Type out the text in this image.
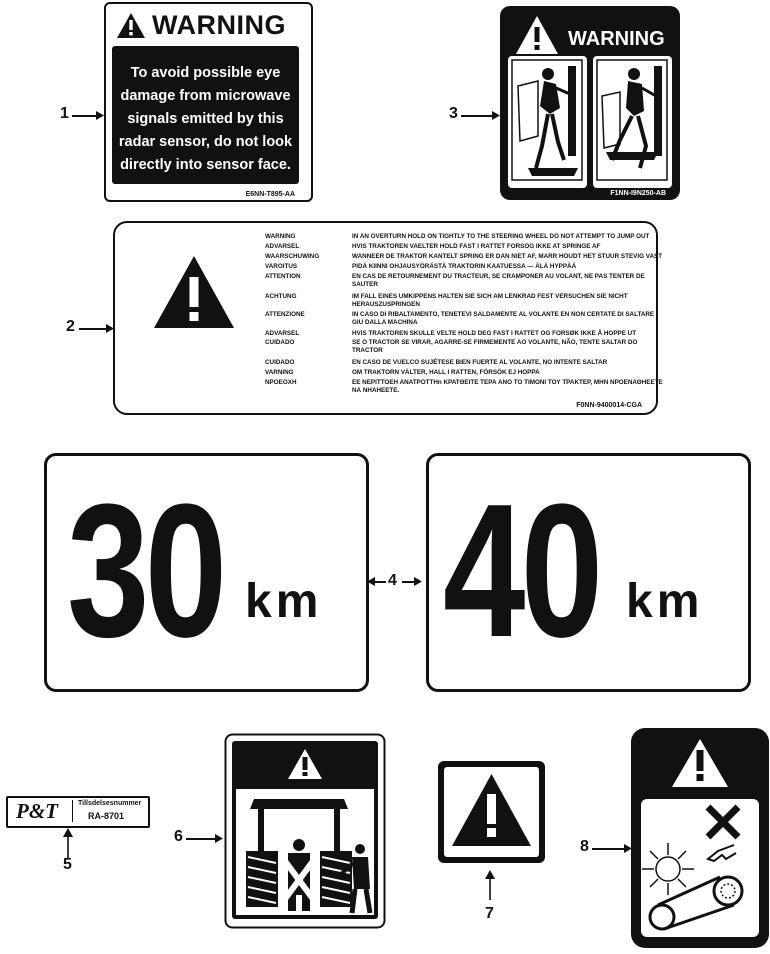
WARNING
To avoid possible eye
damage from microwave
signals emitted by this
radar sensor, do not look
directly into sensor face.
E6NN-T895-AA
1
WARNING
F1NN-I9N250-AB
3
WARNING	IN AN OVERTURN HOLD ON TIGHTLY TO THE STEERING WHEEL DO NOT ATTEMPT TO JUMP OUT
ADVARSEL	HVIS TRAKTOREN VAELTER HOLD FAST I RATTET FORSOG IKKE AT SPRINGE AF
WAARSCHUWING	WANNEER DE TRAKTOR KANTELT SPRING ER DAN NIET AF, MARR HOUDT HET STUUR STEVIG VAST
VAROITUS	PIDÄ KIINNI OHJAUSYÖRÄSTÄ TRAKTORIN KAATUESSA — ÄLÄ HYPPÄÄ
ATTENTION	EN CAS DE RETOURNEMENT DU TRACTEUR, SE CRAMPONER AU VOLANT, NE PAS TENTER DE
SAUTER
ACHTUNG	IM FALL EINES UMKIPPENS HALTEN SIE SICH AM LENKRAD FEST VERSUCHEN SIE NICHT
HERAUSZUSPRINGEN
ATTENZIONE	IN CASO DI RIBALTAMENTO, TENETEVI SALDAMENTE AL VOLANTE EN NON CERTATE DI SALTARE
GIU DALLA MACHINA
ADVARSEL	HVIS TRAKTOREN SKULLE VELTE HOLD DEG FAST I RATTET OG FORSØK IKKE Å HOPPE UT
CUIDADO	SE O TRACTOR SE VIRAR, AGARRE-SE FIRMEMENTE AO VOLANTE, NÃO, TENTE SALTAR DO
TRACTOR
CUIDADO	EN CASO DE VUELCO SUJÉTESE BIEN FUERTE AL VOLANTE, NO INTENTE SALTAR
VARNING	OM TRAKTORN VÄLTER, HALL I RATTEN, FÖRSÖK EJ HOPPA
ΝΡΟΕΟΧΗ	ΕΕ ΝΕΡΙΤΤΟΕΗ ΑΝΑΤΡΟΤΤΗn ΚΡΑΤΘΕΙΤΕ ΤΕΡΑ ΑΝΟ ΤΟ ΤΙΜΟΝΙ ΤΟΥ ΤΡΑΚΤΕΡ, ΜΗΝ ΝΡΟΕΝΑΘΗΕΕΤΕ
ΝΑ ΝΗΑΗΕΕΤΕ.
F0NN-9400014-CGA
2
30 km 40 km
4
P&T	Tillsdelsesnummer
RA-8701
5
6
7
8
